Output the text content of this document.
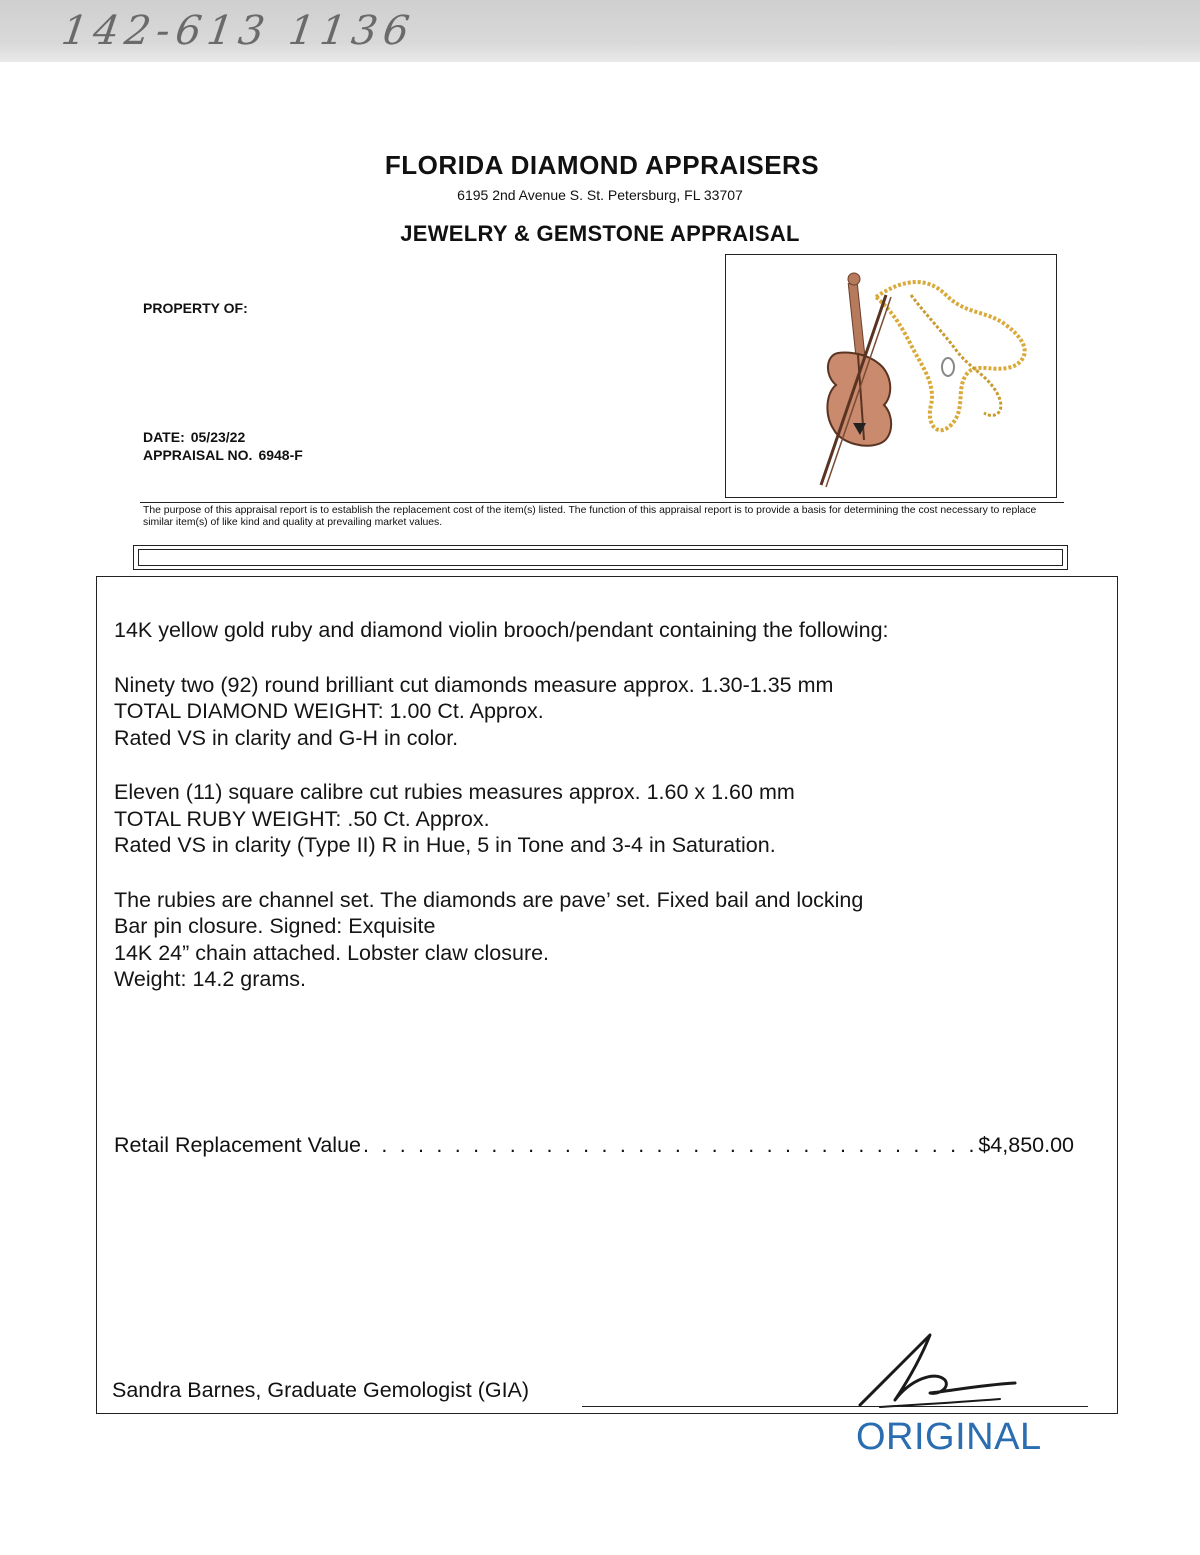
142-613 1136
FLORIDA DIAMOND APPRAISERS
6195 2nd Avenue S. St. Petersburg, FL 33707
JEWELRY & GEMSTONE APPRAISAL
PROPERTY OF:
DATE: 05/23/22
APPRAISAL NO. 6948-F
The purpose of this appraisal report is to establish the replacement cost of the item(s) listed. The function of this appraisal report is to provide a basis for determining the cost necessary to replace similar item(s) of like kind and quality at prevailing market values.
14K yellow gold ruby and diamond violin brooch/pendant containing the following:
Ninety two (92) round brilliant cut diamonds measure approx. 1.30-1.35 mm
TOTAL DIAMOND WEIGHT: 1.00 Ct. Approx.
Rated VS in clarity and G-H in color.
Eleven (11) square calibre cut rubies measures approx. 1.60 x 1.60 mm
TOTAL RUBY WEIGHT: .50 Ct. Approx.
Rated VS in clarity (Type II) R in Hue, 5 in Tone and 3-4 in Saturation.
The rubies are channel set. The diamonds are pave’ set. Fixed bail and locking
Bar pin closure. Signed: Exquisite
14K 24” chain attached. Lobster claw closure.
Weight: 14.2 grams.
Retail Replacement Value
. . .	$4,850.00
Sandra Barnes, Graduate Gemologist (GIA)
ORIGINAL
